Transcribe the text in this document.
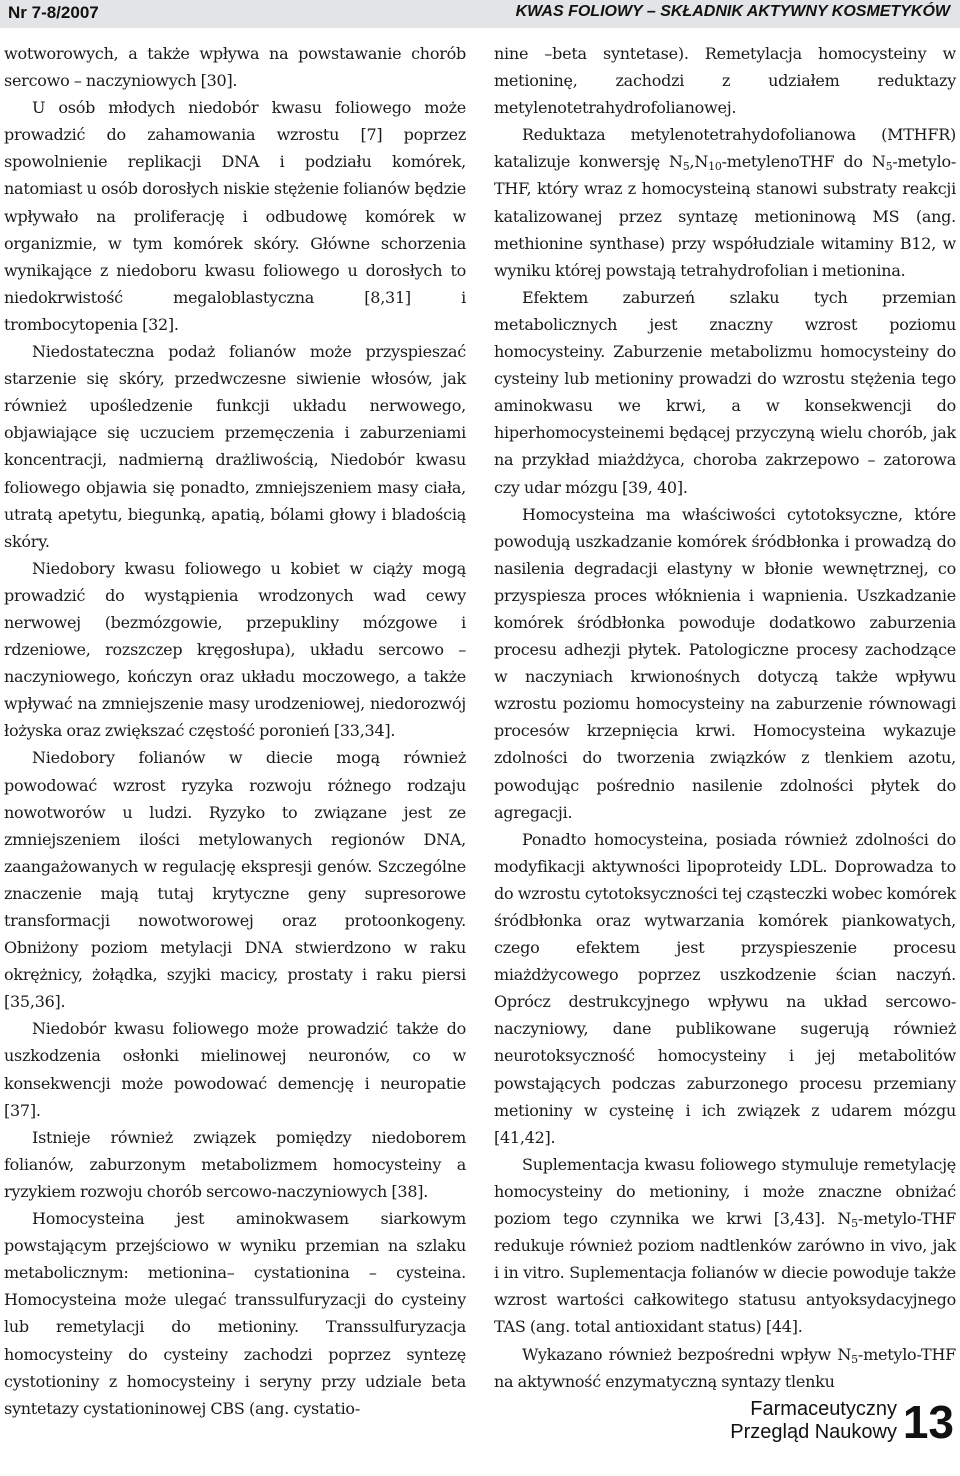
Nr 7-8/2007	KWAS FOLIOWY – SKŁADNIK AKTYWNY KOSMETYKÓW

wotworowych, a także wpływa na powstawanie chorób sercowo – naczyniowych [30].

U osób młodych niedobór kwasu foliowego może prowadzić do zahamowania wzrostu [7] poprzez spowolnienie replikacji DNA i podziału komórek, natomiast u osób dorosłych niskie stężenie folianów będzie wpływało na proliferację i odbudowę komórek w organizmie, w tym komórek skóry. Główne schorzenia wynikające z niedoboru kwasu foliowego u dorosłych to niedokrwistość megaloblastyczna [8,31] i trombocytopenia [32].

Niedostateczna podaż folianów może przyspieszać starzenie się skóry, przedwczesne siwienie włosów, jak również upośledzenie funkcji układu nerwowego, objawiające się uczuciem przemęczenia i zaburzeniami koncentracji, nadmierną drażliwością, Niedobór kwasu foliowego objawia się ponadto, zmniejszeniem masy ciała, utratą apetytu, biegunką, apatią, bólami głowy i bladością skóry.

Niedobory kwasu foliowego u kobiet w ciąży mogą prowadzić do wystąpienia wrodzonych wad cewy nerwowej (bezmózgowie, przepukliny mózgowe i rdzeniowe, rozszczep kręgosłupa), układu sercowo – naczyniowego, kończyn oraz układu moczowego, a także wpływać na zmniejszenie masy urodzeniowej, niedorozwój łożyska oraz zwiększać częstość poronień [33,34].

Niedobory folianów w diecie mogą również powodować wzrost ryzyka rozwoju różnego rodzaju nowotworów u ludzi. Ryzyko to związane jest ze zmniejszeniem ilości metylowanych regionów DNA, zaangażowanych w regulację ekspresji genów. Szczególne znaczenie mają tutaj krytyczne geny supresorowe transformacji nowotworowej oraz protoonkogeny. Obniżony poziom metylacji DNA stwierdzono w raku okrężnicy, żołądka, szyjki macicy, prostaty i raku piersi [35,36].

Niedobór kwasu foliowego może prowadzić także do uszkodzenia osłonki mielinowej neuronów, co w konsekwencji może powodować demencję i neuropatie [37].

Istnieje również związek pomiędzy niedoborem folianów, zaburzonym metabolizmem homocysteiny a ryzykiem rozwoju chorób sercowo-naczyniowych [38].

Homocysteina jest aminokwasem siarkowym powstającym przejściowo w wyniku przemian na szlaku metabolicznym: metionina– cystationina – cysteina. Homocysteina może ulegać transsulfuryzacji do cysteiny lub remetylacji do metioniny. Transsulfuryzacja homocysteiny do cysteiny zachodzi poprzez syntezę cystotioniny z homocysteiny i seryny przy udziale beta syntetazy cystationinowej CBS (ang. cystatio-

nine –beta syntetase). Remetylacja homocysteiny w metioninę, zachodzi z udziałem reduktazy metylenotetrahydrofolianowej.

Reduktaza metylenotetrahydofolianowa (MTHFR) katalizuje konwersję $N_5,N_{10}$-metylenoTHF do $N_5-metylo$-THF, który wraz z homocysteiną stanowi substraty reakcji katalizowanej przez syntazę metioninową MS (ang. methionine synthase) przy współudziale witaminy B12, w wyniku której powstają tetrahydrofolian i metionina.

Efektem zaburzeń szlaku tych przemian metabolicznych jest znaczny wzrost poziomu homocysteiny. Zaburzenie metabolizmu homocysteiny do cysteiny lub metioniny prowadzi do wzrostu stężenia tego aminokwasu we krwi, a w konsekwencji do hiperhomocysteinemi będącej przyczyną wielu chorób, jak na przykład miażdżyca, choroba zakrzepowo – zatorowa czy udar mózgu [39, 40].

Homocysteina ma właściwości cytotoksyczne, które powodują uszkadzanie komórek śródbłonka i prowadzą do nasilenia degradacji elastyny w błonie wewnętrznej, co przyspiesza proces włóknienia i wapnienia. Uszkadzanie komórek śródbłonka powoduje dodatkowo zaburzenia procesu adhezji płytek. Patologiczne procesy zachodzące w naczyniach krwionośnych dotyczą także wpływu wzrostu poziomu homocysteiny na zaburzenie równowagi procesów krzepnięcia krwi. Homocysteina wykazuje zdolności do tworzenia związków z tlenkiem azotu, powodując pośrednio nasilenie zdolności płytek do agregacji.

Ponadto homocysteina, posiada również zdolności do modyfikacji aktywności lipoproteidy LDL. Doprowadza to do wzrostu cytotoksyczności tej cząsteczki wobec komórek śródbłonka oraz wytwarzania komórek piankowatych, czego efektem jest przyspieszenie procesu miażdżycowego poprzez uszkodzenie ścian naczyń. Oprócz destrukcyjnego wpływu na układ sercowo-naczyniowy, dane publikowane sugerują również neurotoksyczność homocysteiny i jej metabolitów powstających podczas zaburzonego procesu przemiany metioniny w cysteinę i ich związek z udarem mózgu [41,42].

Suplementacja kwasu foliowego stymuluje remetylację homocysteiny do metioniny, i może znaczne obniżać poziom tego czynnika we krwi [3,43]. $N_5-metylo$-THF redukuje również poziom nadtlenków zarówno in vivo, jak i in vitro. Suplementacja folianów w diecie powoduje także wzrost wartości całkowitego statusu antyoksydacyjnego TAS (ang. total antioxidant status) [44].

Wykazano również bezpośredni wpływ $N_5-metylo$-THF na aktywność enzymatyczną syntazy tlenku

Farmaceutyczny
Przegląd Naukowy 13
